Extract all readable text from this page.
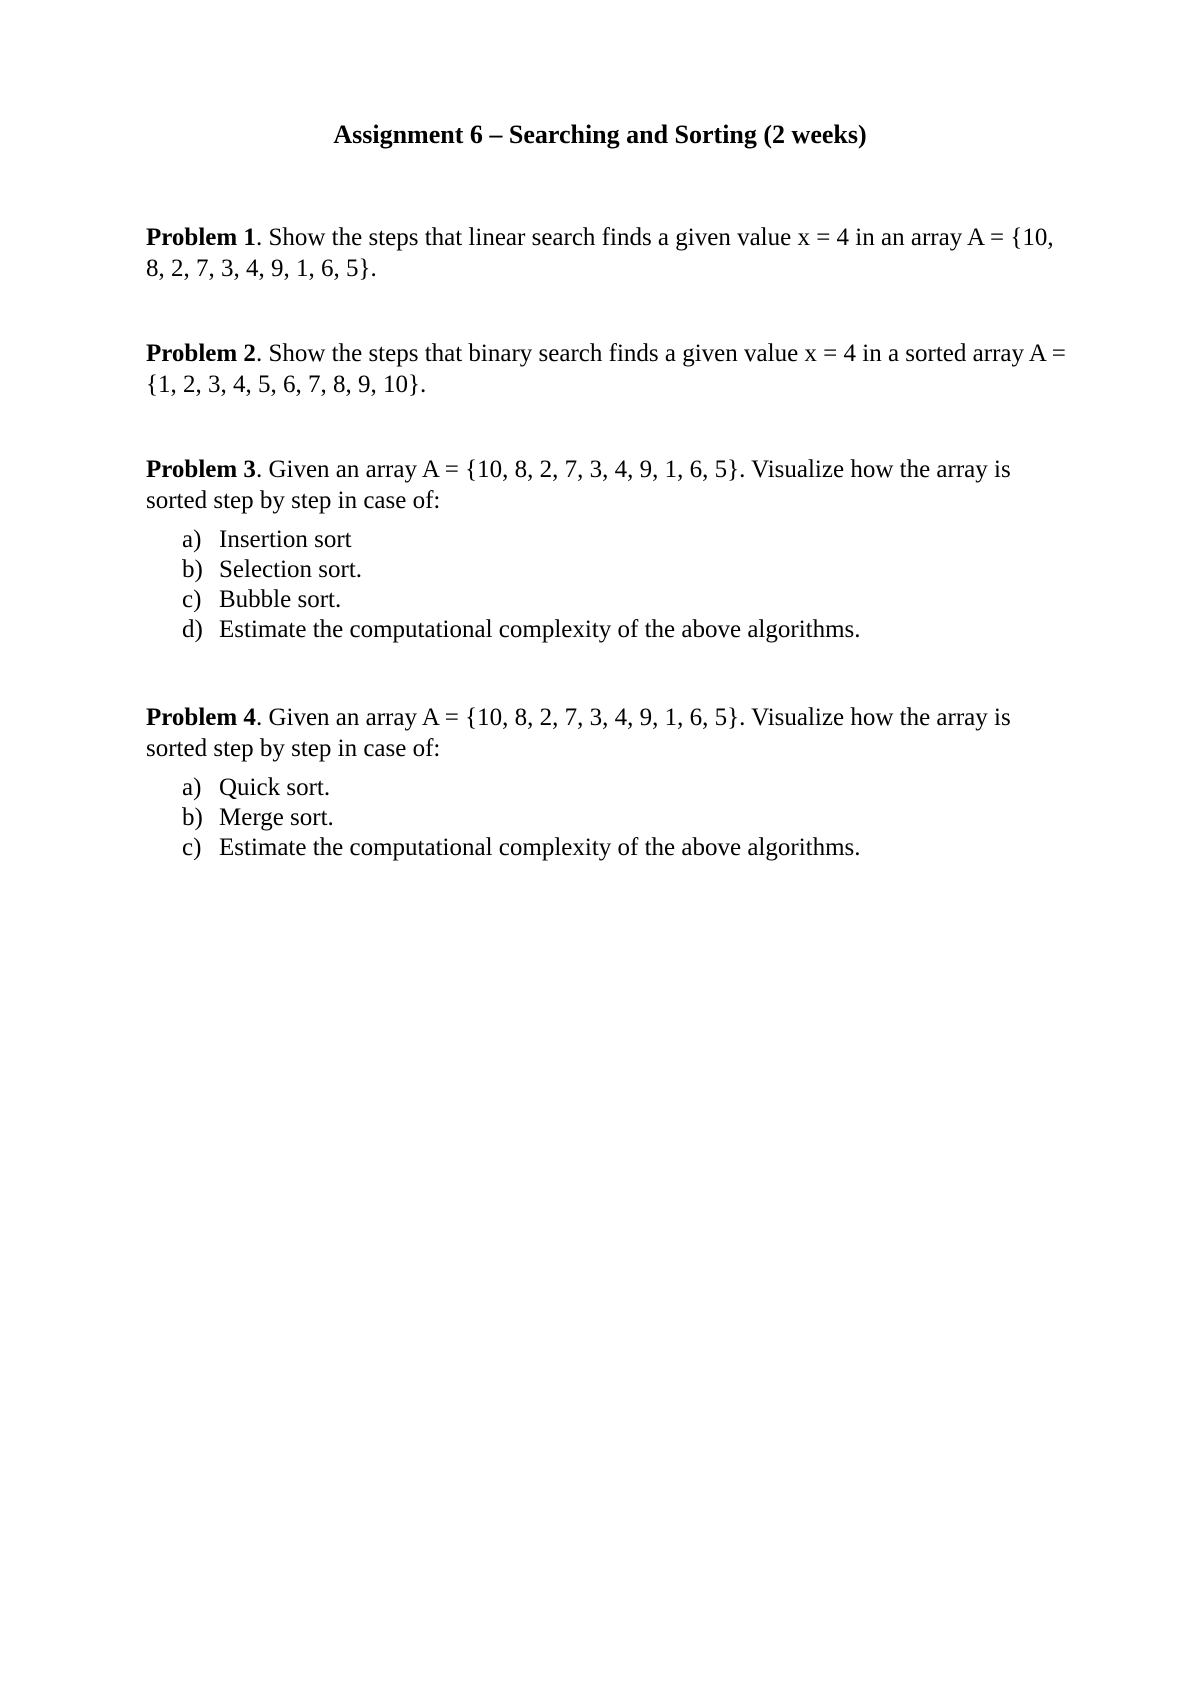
Assignment 6 – Searching and Sorting (2 weeks)

Problem 1. Show the steps that linear search finds a given value x = 4 in an array A = {10, 8, 2, 7, 3, 4, 9, 1, 6, 5}.

Problem 2. Show the steps that binary search finds a given value x = 4 in a sorted array A = {1, 2, 3, 4, 5, 6, 7, 8, 9, 10}.

Problem 3. Given an array A = {10, 8, 2, 7, 3, 4, 9, 1, 6, 5}. Visualize how the array is sorted step by step in case of:

a) Insertion sort
b) Selection sort.
c) Bubble sort.
d) Estimate the computational complexity of the above algorithms.

Problem 4. Given an array A = {10, 8, 2, 7, 3, 4, 9, 1, 6, 5}. Visualize how the array is sorted step by step in case of:

a) Quick sort.
b) Merge sort.
c) Estimate the computational complexity of the above algorithms.
